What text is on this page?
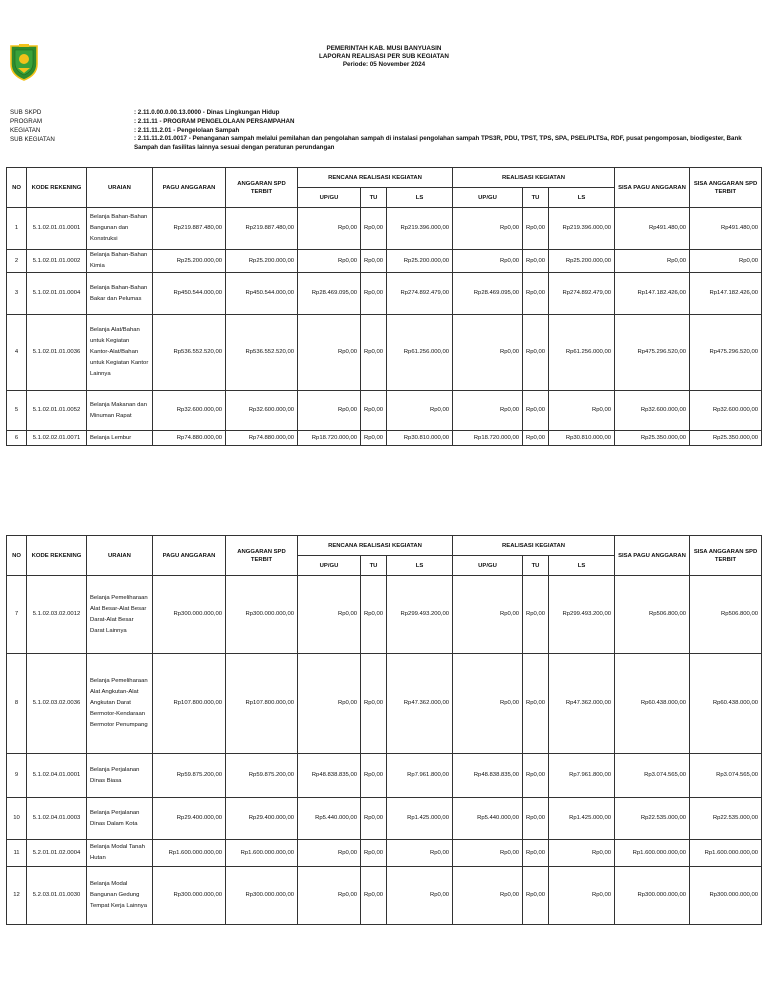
PEMERINTAH KAB. MUSI BANYUASIN
LAPORAN REALISASI PER SUB KEGIATAN
Periode: 05 November 2024
SUB SKPD	: 2.11.0.00.0.00.13.0000 - Dinas Lingkungan Hidup
PROGRAM	: 2.11.11 - PROGRAM PENGELOLAAN PERSAMPAHAN
KEGIATAN	: 2.11.11.2.01 - Pengelolaan Sampah
SUB KEGIATAN	: 2.11.11.2.01.0017 - Penanganan sampah melalui pemilahan dan pengolahan sampah di instalasi pengolahan sampah TPS3R, PDU, TPST, TPS, SPA, PSEL/PLTSa, RDF, pusat pengomposan, biodigester, Bank Sampah dan fasilitas lainnya sesuai dengan peraturan perundangan
NO	KODE REKENING	URAIAN	PAGU ANGGARAN	ANGGARAN SPD TERBIT	RENCANA REALISASI KEGIATAN			REALISASI KEGIATAN			SISA PAGU ANGGARAN	SISA ANGGARAN SPD TERBIT
					UP/GU	TU	LS	UP/GU	TU	LS		
1	5.1.02.01.01.0001	Belanja Bahan-Bahan Bangunan dan Konstruksi	Rp219.887.480,00	Rp219.887.480,00	Rp0,00	Rp0,00	Rp219.396.000,00	Rp0,00	Rp0,00	Rp219.396.000,00	Rp491.480,00	Rp491.480,00
2	5.1.02.01.01.0002	Belanja Bahan-Bahan Kimia	Rp25.200.000,00	Rp25.200.000,00	Rp0,00	Rp0,00	Rp25.200.000,00	Rp0,00	Rp0,00	Rp25.200.000,00	Rp0,00	Rp0,00
3	5.1.02.01.01.0004	Belanja Bahan-Bahan Bakar dan Pelumas	Rp450.544.000,00	Rp450.544.000,00	Rp28.469.095,00	Rp0,00	Rp274.892.479,00	Rp28.469.095,00	Rp0,00	Rp274.892.479,00	Rp147.182.426,00	Rp147.182.426,00
4	5.1.02.01.01.0036	Belanja Alat/Bahan untuk Kegiatan Kantor-Alat/Bahan untuk Kegiatan Kantor Lainnya	Rp536.552.520,00	Rp536.552.520,00	Rp0,00	Rp0,00	Rp61.256.000,00	Rp0,00	Rp0,00	Rp61.256.000,00	Rp475.296.520,00	Rp475.296.520,00
5	5.1.02.01.01.0052	Belanja Makanan dan Minuman Rapat	Rp32.600.000,00	Rp32.600.000,00	Rp0,00	Rp0,00	Rp0,00	Rp0,00	Rp0,00	Rp0,00	Rp32.600.000,00	Rp32.600.000,00
6	5.1.02.02.01.0071	Belanja Lembur	Rp74.880.000,00	Rp74.880.000,00	Rp18.720.000,00	Rp0,00	Rp30.810.000,00	Rp18.720.000,00	Rp0,00	Rp30.810.000,00	Rp25.350.000,00	Rp25.350.000,00
NO	KODE REKENING	URAIAN	PAGU ANGGARAN	ANGGARAN SPD TERBIT	RENCANA REALISASI KEGIATAN			REALISASI KEGIATAN			SISA PAGU ANGGARAN	SISA ANGGARAN SPD TERBIT
					UP/GU	TU	LS	UP/GU	TU	LS		
7	5.1.02.03.02.0012	Belanja Pemeliharaan Alat Besar-Alat Besar Darat-Alat Besar Darat Lainnya	Rp300.000.000,00	Rp300.000.000,00	Rp0,00	Rp0,00	Rp299.493.200,00	Rp0,00	Rp0,00	Rp299.493.200,00	Rp506.800,00	Rp506.800,00
8	5.1.02.03.02.0036	Belanja Pemeliharaan Alat Angkutan-Alat Angkutan Darat Bermotor-Kendaraan Bermotor Penumpang	Rp107.800.000,00	Rp107.800.000,00	Rp0,00	Rp0,00	Rp47.362.000,00	Rp0,00	Rp0,00	Rp47.362.000,00	Rp60.438.000,00	Rp60.438.000,00
9	5.1.02.04.01.0001	Belanja Perjalanan Dinas Biasa	Rp59.875.200,00	Rp59.875.200,00	Rp48.838.835,00	Rp0,00	Rp7.961.800,00	Rp48.838.835,00	Rp0,00	Rp7.961.800,00	Rp3.074.565,00	Rp3.074.565,00
10	5.1.02.04.01.0003	Belanja Perjalanan Dinas Dalam Kota	Rp29.400.000,00	Rp29.400.000,00	Rp5.440.000,00	Rp0,00	Rp1.425.000,00	Rp5.440.000,00	Rp0,00	Rp1.425.000,00	Rp22.535.000,00	Rp22.535.000,00
11	5.2.01.01.02.0004	Belanja Modal Tanah Hutan	Rp1.600.000.000,00	Rp1.600.000.000,00	Rp0,00	Rp0,00	Rp0,00	Rp0,00	Rp0,00	Rp0,00	Rp1.600.000.000,00	Rp1.600.000.000,00
12	5.2.03.01.01.0030	Belanja Modal Bangunan Gedung Tempat Kerja Lainnya	Rp300.000.000,00	Rp300.000.000,00	Rp0,00	Rp0,00	Rp0,00	Rp0,00	Rp0,00	Rp0,00	Rp300.000.000,00	Rp300.000.000,00
